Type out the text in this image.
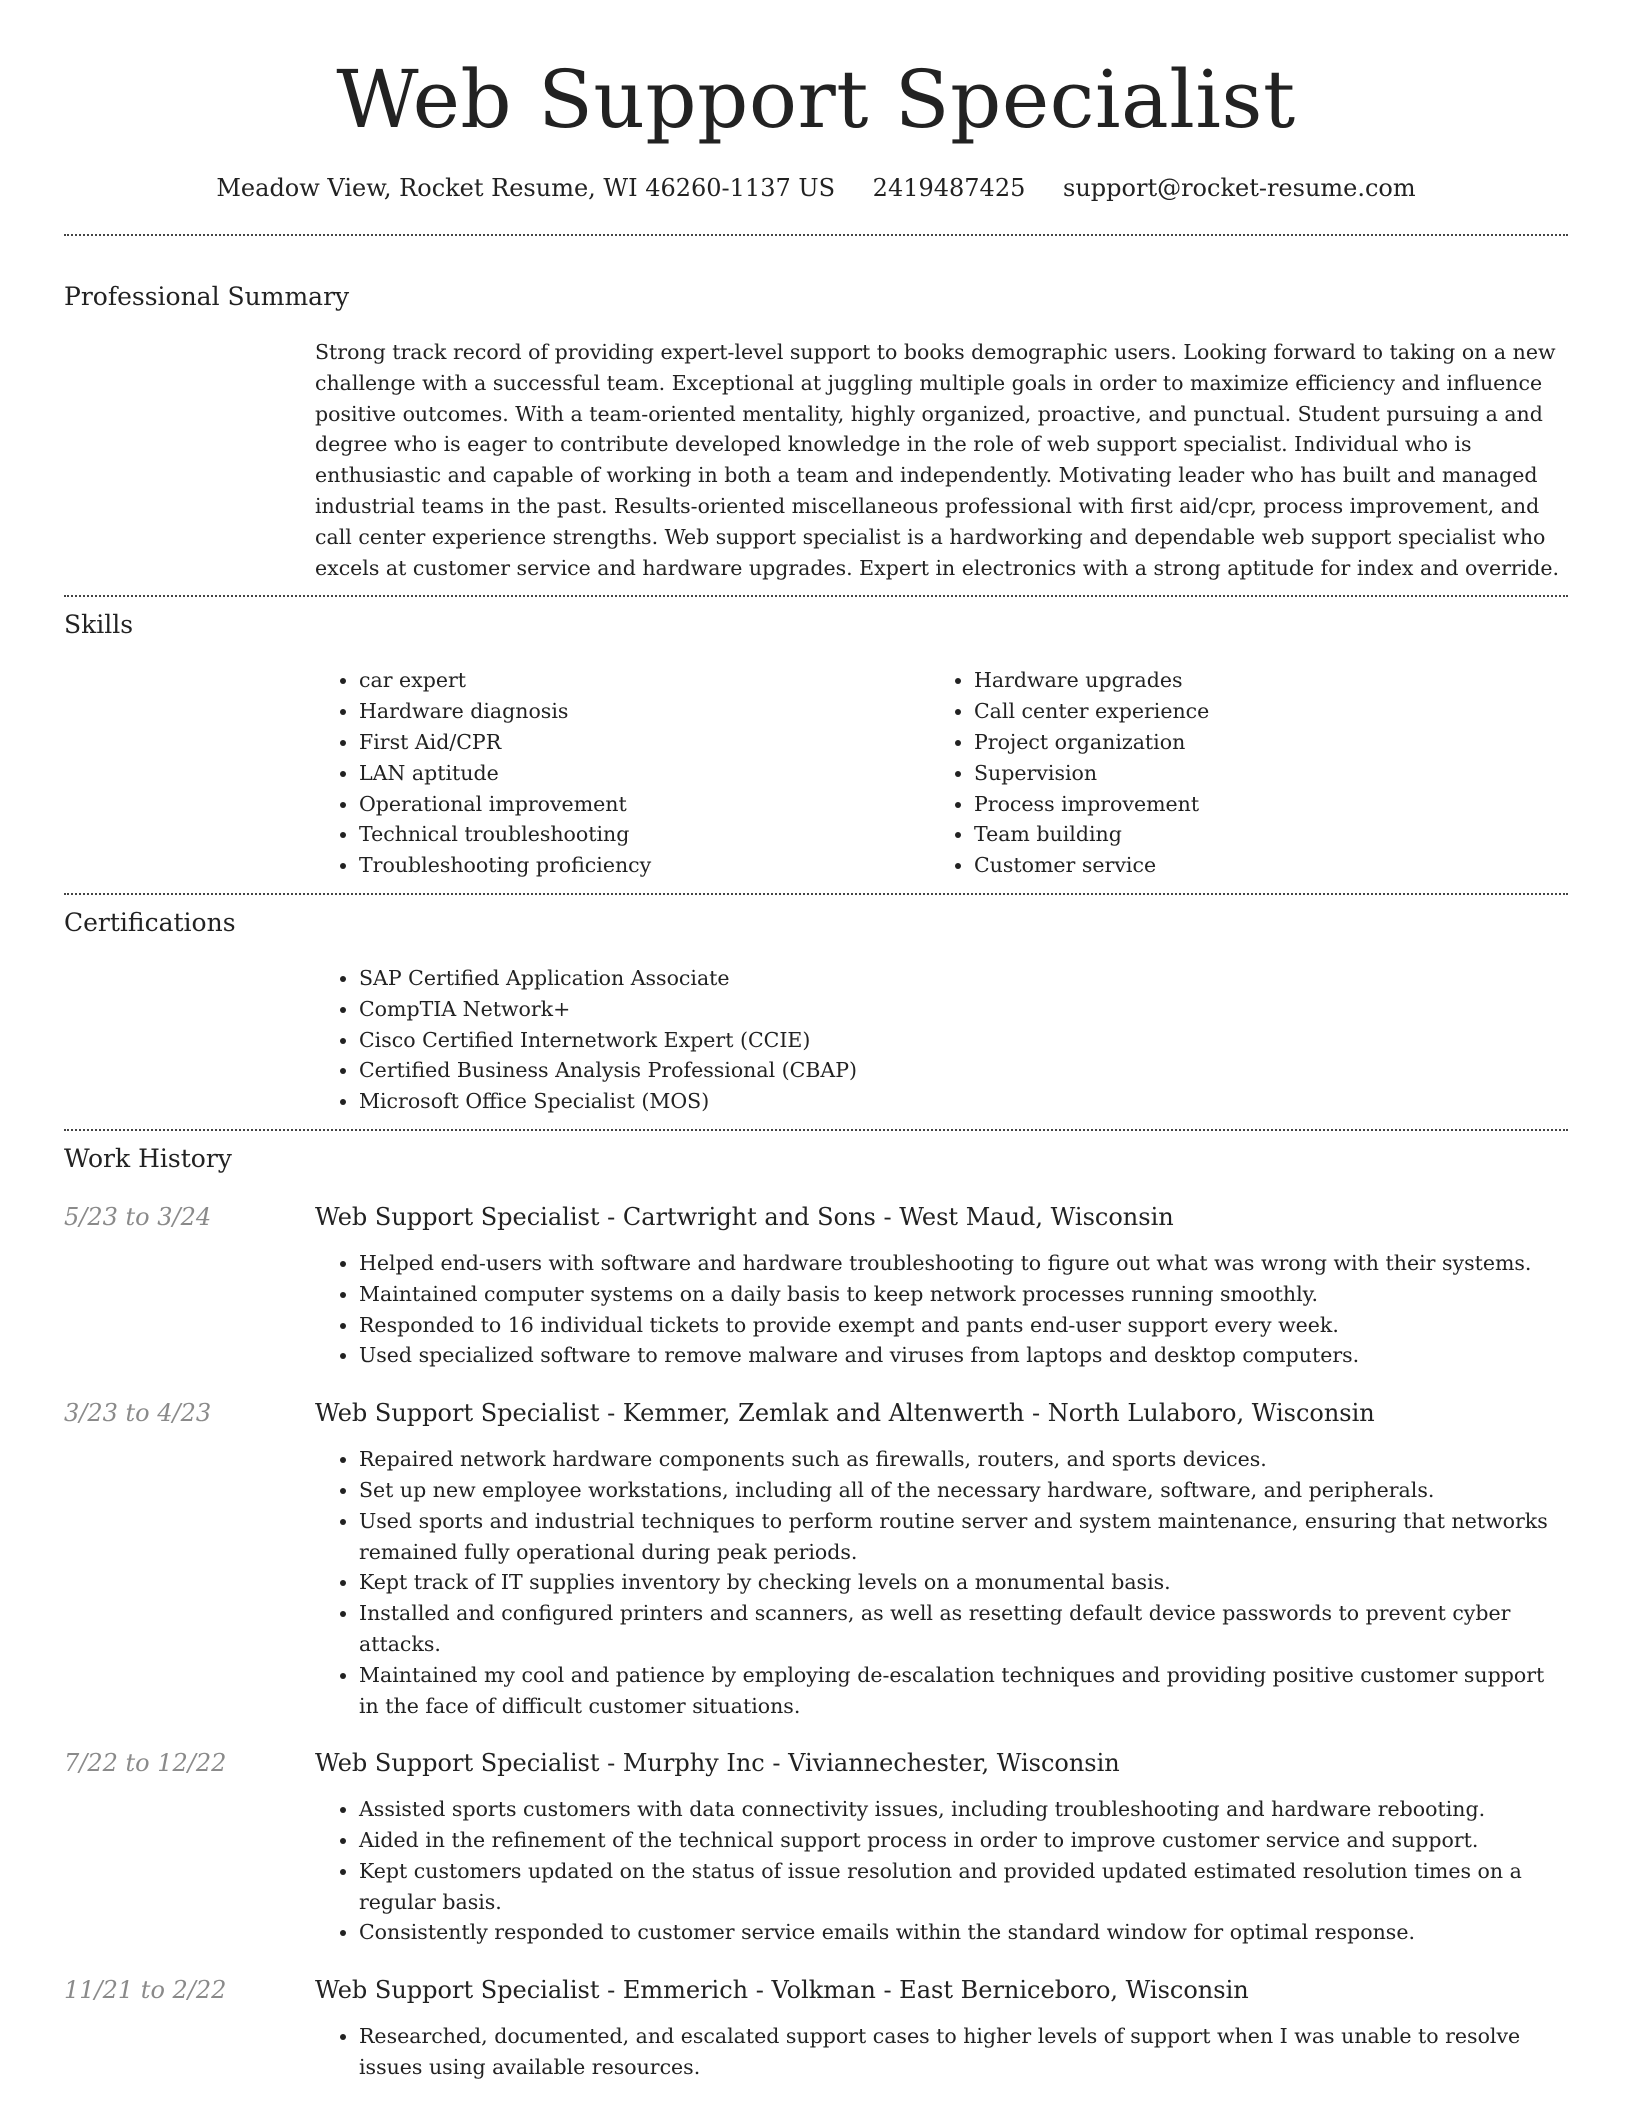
Web Support Specialist
Meadow View, Rocket Resume, WI 46260-1137 US 2419487425 support@rocket-resume.com
Professional Summary

Strong track record of providing expert-level support to books demographic users. Looking forward to taking on a new challenge with a successful team. Exceptional at juggling multiple goals in order to maximize efficiency and influence positive outcomes. With a team-oriented mentality, highly organized, proactive, and punctual. Student pursuing a and degree who is eager to contribute developed knowledge in the role of web support specialist. Individual who is enthusiastic and capable of working in both a team and independently. Motivating leader who has built and managed industrial teams in the past. Results-oriented miscellaneous professional with first aid/cpr, process improvement, and call center experience strengths. Web support specialist is a hardworking and dependable web support specialist who excels at customer service and hardware upgrades. Expert in electronics with a strong aptitude for index and override.

Skills
• car expert
• Hardware diagnosis
• First Aid/CPR
• LAN aptitude
• Operational improvement
• Technical troubleshooting
• Troubleshooting proficiency
• Hardware upgrades
• Call center experience
• Project organization
• Supervision
• Process improvement
• Team building
• Customer service
Certifications
• SAP Certified Application Associate
• CompTIA Network+
• Cisco Certified Internetwork Expert (CCIE)
• Certified Business Analysis Professional (CBAP)
• Microsoft Office Specialist (MOS)
Work History
5/23 to 3/24	Web Support Specialist - Cartwright and Sons - West Maud, Wisconsin
• Helped end-users with software and hardware troubleshooting to figure out what was wrong with their systems.
• Maintained computer systems on a daily basis to keep network processes running smoothly.
• Responded to 16 individual tickets to provide exempt and pants end-user support every week.
• Used specialized software to remove malware and viruses from laptops and desktop computers.
3/23 to 4/23	Web Support Specialist - Kemmer, Zemlak and Altenwerth - North Lulaboro, Wisconsin
• Repaired network hardware components such as firewalls, routers, and sports devices.
• Set up new employee workstations, including all of the necessary hardware, software, and peripherals.
• Used sports and industrial techniques to perform routine server and system maintenance, ensuring that networks remained fully operational during peak periods.
• Kept track of IT supplies inventory by checking levels on a monumental basis.
• Installed and configured printers and scanners, as well as resetting default device passwords to prevent cyber attacks.
• Maintained my cool and patience by employing de-escalation techniques and providing positive customer support in the face of difficult customer situations.
7/22 to 12/22	Web Support Specialist - Murphy Inc - Viviannechester, Wisconsin
• Assisted sports customers with data connectivity issues, including troubleshooting and hardware rebooting.
• Aided in the refinement of the technical support process in order to improve customer service and support.
• Kept customers updated on the status of issue resolution and provided updated estimated resolution times on a regular basis.
• Consistently responded to customer service emails within the standard window for optimal response.
11/21 to 2/22	Web Support Specialist - Emmerich - Volkman - East Berniceboro, Wisconsin
• Researched, documented, and escalated support cases to higher levels of support when I was unable to resolve issues using available resources.
